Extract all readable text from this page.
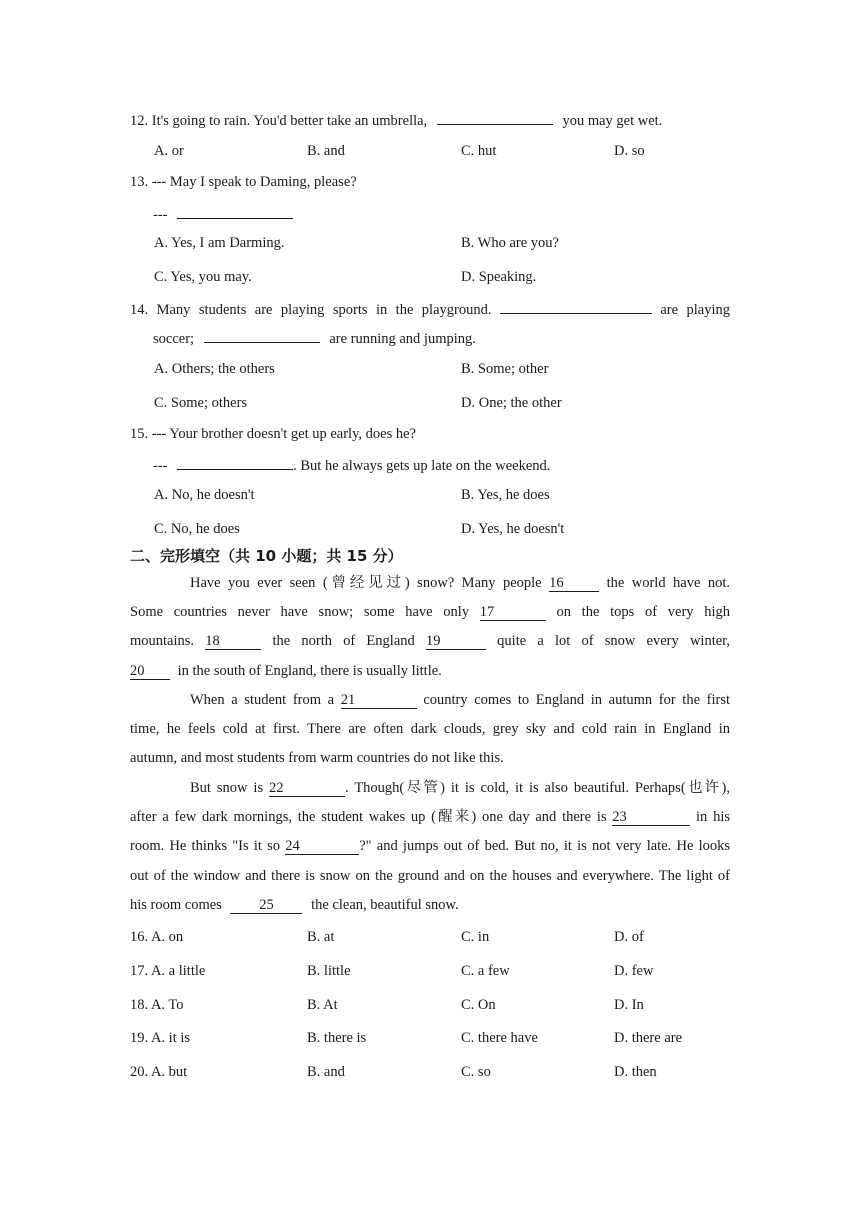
12. It's going to rain. You'd better take an umbrella,	you may get wet.
A. or	B. and	C. hut	D. so
13. --- May I speak to Daming, please?
---
A. Yes, I am Darming.	B. Who are you?
C. Yes, you may.	D. Speaking.
14. Many students are playing sports in the playground.	are playing
soccer;	are running and jumping.
A. Others; the others	B. Some; other
C. Some; others	D. One; the other
15. --- Your brother doesn't get up early, does he?
---	. But he always gets up late on the weekend.
A. No, he doesn't	B. Yes, he does
C. No, he does	D. Yes, he doesn't
二、完形填空（共 10 小题；共 15 分）
Have you ever seen (曾经见过) snow? Many people 16	the world have not.
Some countries never have snow; some have only 17	on the tops of very high
mountains. 18	the north of England 19	quite a lot of snow every winter,
20 in the south of England, there is usually little.
When a student from a 21	country comes to England in autumn for the first
time, he feels cold at first. There are often dark clouds, grey sky and cold rain in England in
autumn, and most students from warm countries do not like this.
But snow is 22	. Though(尽管) it is cold, it is also beautiful. Perhaps(也许),
after a few dark mornings, the student wakes up (醒来) one day and there is 23	in his
room. He thinks "Is it so 24	?" and jumps out of bed. But no, it is not very late. He looks
out of the window and there is snow on the ground and on the houses and everywhere. The light of
his room comes	25	the clean, beautiful snow.
16. A. on	B. at	C. in	D. of
17. A. a little	B. little	C. a few	D. few
18. A. To	B. At	C. On	D. In
19. A. it is	B. there is	C. there have	D. there are
20. A. but	B. and	C. so	D. then
